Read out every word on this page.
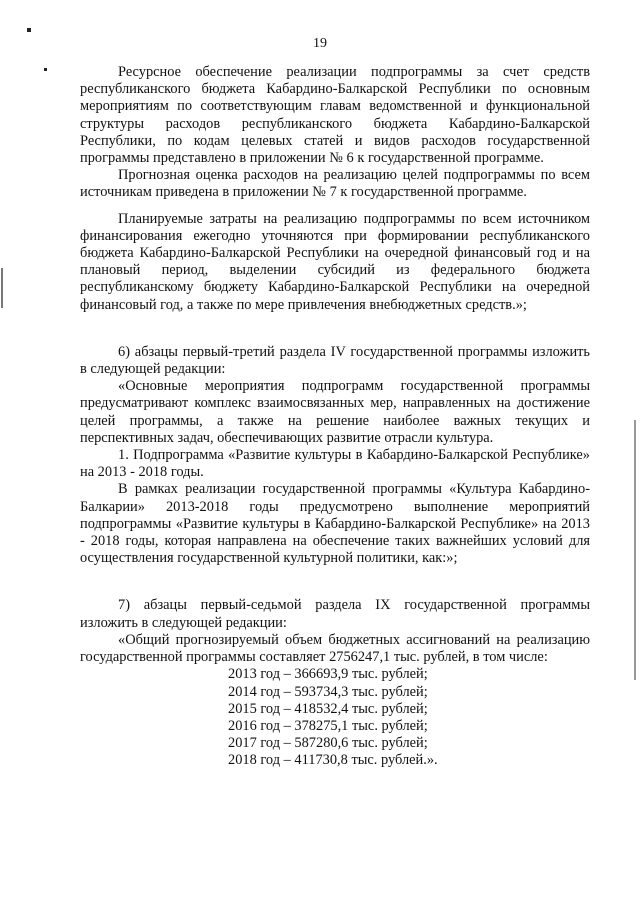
19

Ресурсное обеспечение реализации подпрограммы за счет средств республиканского бюджета Кабардино-Балкарской Республики по основным мероприятиям по соответствующим главам ведомственной и функциональной структуры расходов республиканского бюджета Кабардино-Балкарской Республики, по кодам целевых статей и видов расходов государственной программы представлено в приложении № 6 к государственной программе.

Прогнозная оценка расходов на реализацию целей подпрограммы по всем источникам приведена в приложении № 7 к государственной программе.

Планируемые затраты на реализацию подпрограммы по всем источником финансирования ежегодно уточняются при формировании республиканского бюджета Кабардино-Балкарской Республики на очередной финансовый год и на плановый период, выделении субсидий из федерального бюджета республиканскому бюджету Кабардино-Балкарской Республики на очередной финансовый год, а также по мере привлечения внебюджетных средств.»;

6) абзацы первый-третий раздела IV государственной программы изложить в следующей редакции:

«Основные мероприятия подпрограмм государственной программы предусматривают комплекс взаимосвязанных мер, направленных на достижение целей программы, а также на решение наиболее важных текущих и перспективных задач, обеспечивающих развитие отрасли культура.

1. Подпрограмма «Развитие культуры в Кабардино-Балкарской Республике» на 2013 - 2018 годы.

В рамках реализации государственной программы «Культура Кабардино-Балкарии» 2013-2018 годы предусмотрено выполнение мероприятий подпрограммы «Развитие культуры в Кабардино-Балкарской Республике» на 2013 - 2018 годы, которая направлена на обеспечение таких важнейших условий для осуществления государственной культурной политики, как:»;

7) абзацы первый-седьмой раздела IX государственной программы изложить в следующей редакции:

«Общий прогнозируемый объем бюджетных ассигнований на реализацию государственной программы составляет 2756247,1 тыс. рублей, в том числе:

2013 год – 366693,9 тыс. рублей;
2014 год – 593734,3 тыс. рублей;
2015 год – 418532,4 тыс. рублей;
2016 год – 378275,1 тыс. рублей;
2017 год – 587280,6 тыс. рублей;
2018 год – 411730,8 тыс. рублей.».
